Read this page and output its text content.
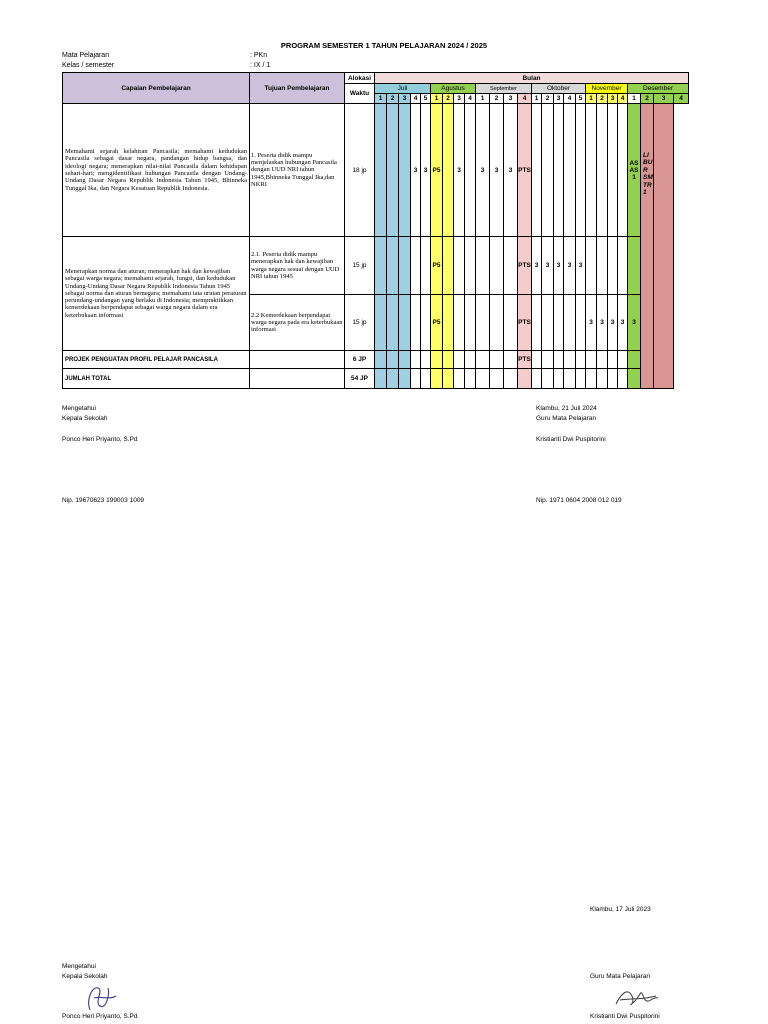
PROGRAM SEMESTER 1 TAHUN PELAJARAN 2024 / 2025
Mata Pelajaran	: PKn
Kelas / semester	: IX / 1
Capaian Pembelajaran	Tujuan Pembelajaran	Alokasi	Bulan																									
		Waktu	Juli					Agustus				September				Oktober					November				Desember			
			1	2	3	4	5	1	2	3	4	1	2	3	4	1	2	3	4	5	1	2	3	4	1	2	3	4
Memahami sejarah kelahiran Pancasila; memahami kedudukan Pancasila sebagai dasar negara, pandangan hidup bangsa, dan ideologi negara; menerapkan nilai-nilai Pancasila dalam kehidupan sehari-hari; mengidentifikasi hubungan Pancasila dengan Undang-Undang Dasar Negara Republik Indonesia Tahun 1945, Bhinneka Tunggal Ika, dan Negara Kesatuan Republik Indonesia.	1. Peserta didik mampu menjelaskan hubungan Pancasila dengan UUD NRI tahun 1945,Bhinneka Tunggal Ika,dan NKRI	18 jp				3	3	P5		3		3	3	3	PTS										ASAS 1	LIBUR SMTR 1		

Menerapkan norma dan aturan; menerapkan hak dan kewajiban sebagai warga negara; memahami sejarah, fungsi, dan kedudukan Undang-Undang Dasar Negara Republik Indonesia Tahun 1945 sebagai norma dan aturan bernegara; memahami tata urutan peraturan perundang-undangan yang berlaku di Indonesia; mempraktikkan kemerdekaan berpendapat sebagai warga negara dalam era keterbukaan informasi	2.1. Peserta didik mampu menerapkan hak dan kewajiban warga negara sesuai dengan UUD NRI tahun 1945	15 jp						P5							PTS	3	3	3	3	3								
	2.2 Kemerdekaan berpendapat warga negara pada era keterbukaan informasi	15 jp						P5							PTS						3	3	3	3	3			
PROJEK PENGUATAN PROFIL PELAJAR PANCASILA		6 JP													PTS													
JUMLAH TOTAL		54 JP																										
Mengetahui
Kepala Sekolah
Ponco Heri Priyanto, S.Pd
Nip. 19670623 199003 1009
Klambu, 21 Juli 2024
Guru Mata Pelajaran
Kristianti Dwi Puspitorini
Nip. 1971 0604 2008 012 019
Klambu, 17 Juli 2023
Mengetahui
Kepala Sekolah	Guru Mata Pelajaran
Ponco Heri Priyanto, S.Pd	Kristianti Dwi Puspitorini
